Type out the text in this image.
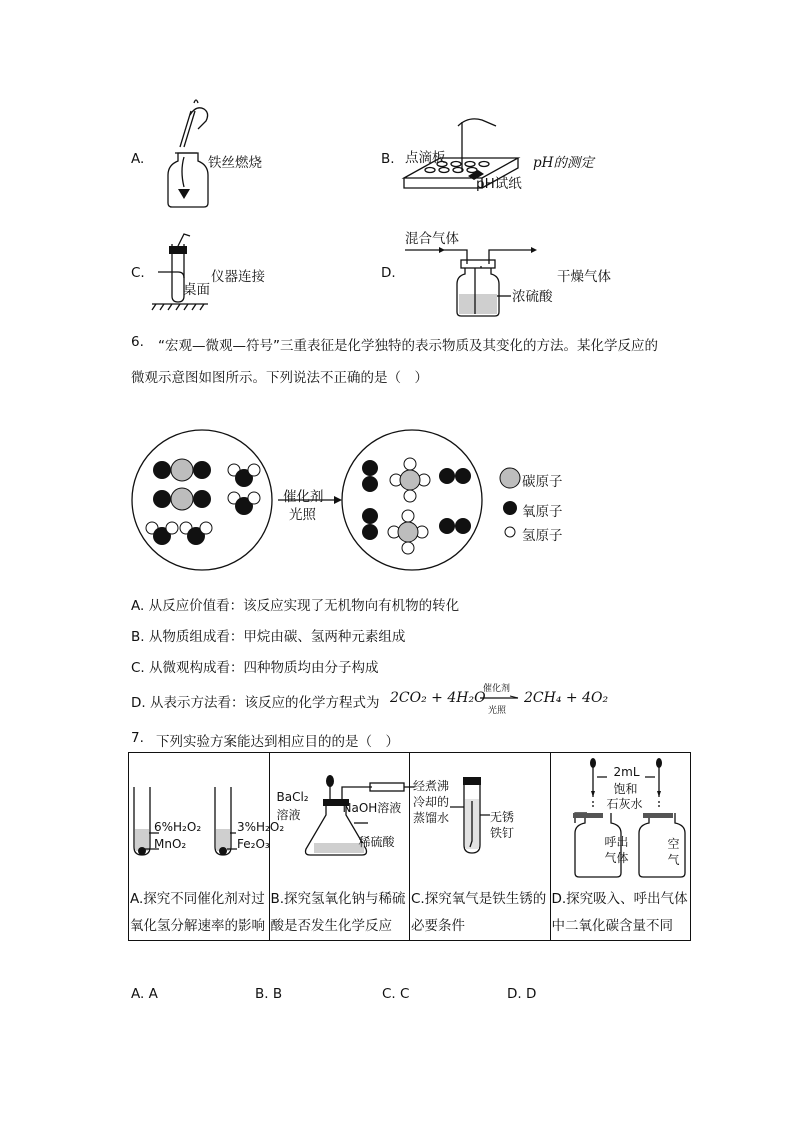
A.	铁丝燃烧	B. 点滴板
pH试纸
pH的测定
C.
桌面
仪器连接	D.
混合气体
浓硫酸
干燥气体
6. “宏观—微观—符号”三重表征是化学独特的表示物质及其变化的方法。某化学反应的
微观示意图如图所示。下列说法不正确的是（　）
催化剂
光照
碳原子
氧原子
氢原子
A. 从反应价值看：该反应实现了无机物向有机物的转化
B. 从物质组成看：甲烷由碳、氢两种元素组成
C. 从微观构成看：四种物质均由分子构成
D. 从表示方法看：该反应的化学方程式为 2CO₂ + 4H₂O
催化剂
光照
2CH₄ + 4O₂
7. 下列实验方案能达到相应目的的是（　）
6%H₂O₂
MnO₂
3%H₂O₂
Fe₂O₃
A.探究不同催化剂对过氧化氢分解速率的影响

BaCl₂
溶液	NaOH溶液
稀硫酸
B.探究氢氧化钠与稀硫酸是否发生化学反应

经煮沸
冷却的
蒸馏水	无锈
铁钉
C.探究氧气是铁生锈的必要条件

2mL
饱和
石灰水
呼出
气体
空
气
D.探究吸入、呼出气体中二氧化碳含量不同
A. A	B. B	C. C	D. D
